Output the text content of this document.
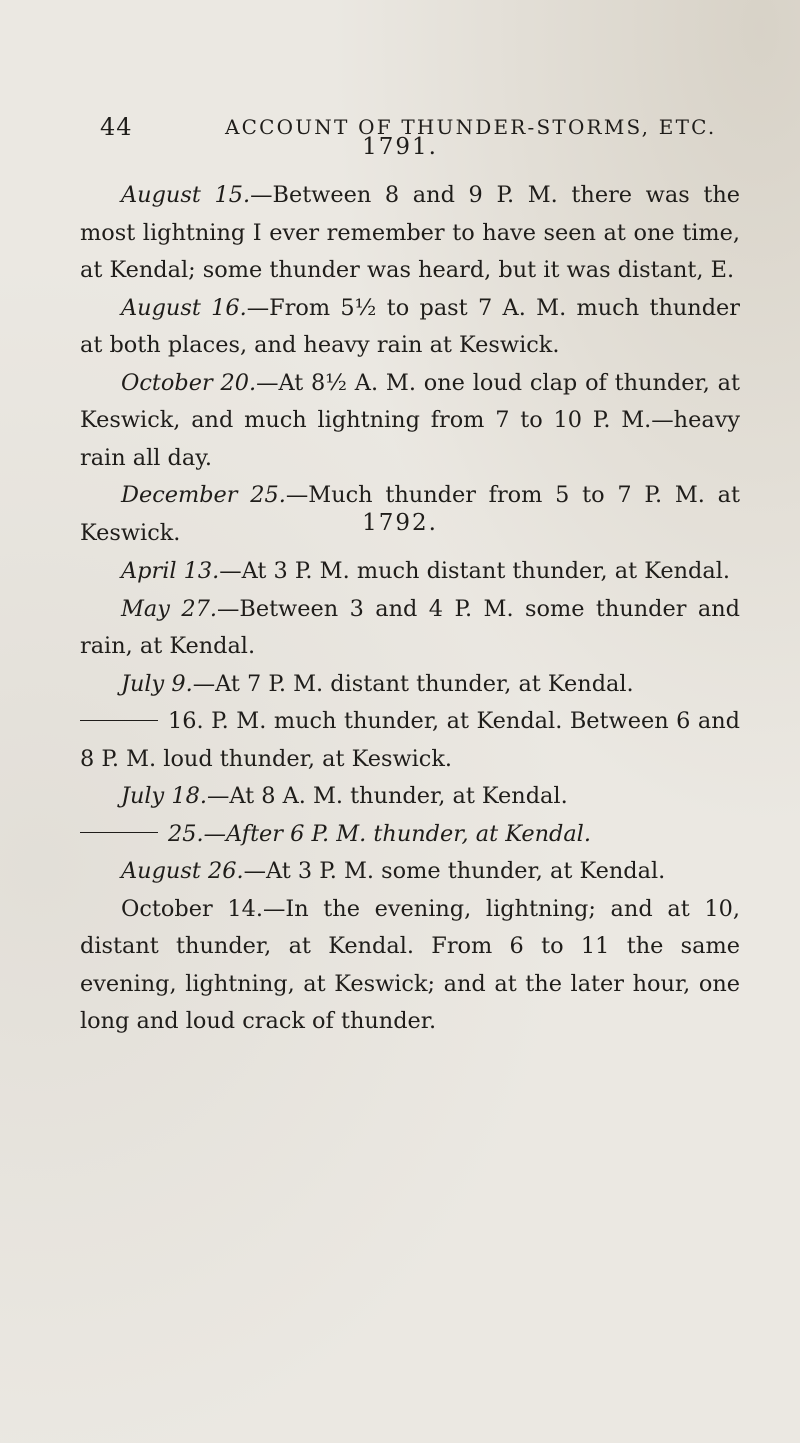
44	ACCOUNT OF THUNDER-STORMS, ETC.
1791.

August 15.—Between 8 and 9 P. M. there was the most lightning I ever remember to have seen at one time, at Kendal; some thunder was heard, but it was distant, E.

August 16.—From 5½ to past 7 A. M. much thunder at both places, and heavy rain at Keswick.

October 20.—At 8½ A. M. one loud clap of thunder, at Keswick, and much lightning from 7 to 10 P. M.—heavy rain all day.

December 25.—Much thunder from 5 to 7 P. M. at Keswick.	1792.

April 13.—At 3 P. M. much distant thunder, at Kendal.

May 27.—Between 3 and 4 P. M. some thunder and rain, at Kendal.

July 9.—At 7 P. M. distant thunder, at Kendal.

16. P. M. much thunder, at Kendal. Between 6 and 8 P. M. loud thunder, at Keswick.

July 18.—At 8 A. M. thunder, at Kendal.

25.—After 6 P. M. thunder, at Kendal.

August 26.—At 3 P. M. some thunder, at Kendal.

October 14.—In the evening, lightning; and at 10, distant thunder, at Kendal. From 6 to 11 the same evening, lightning, at Keswick; and at the later hour, one long and loud crack of thunder.
